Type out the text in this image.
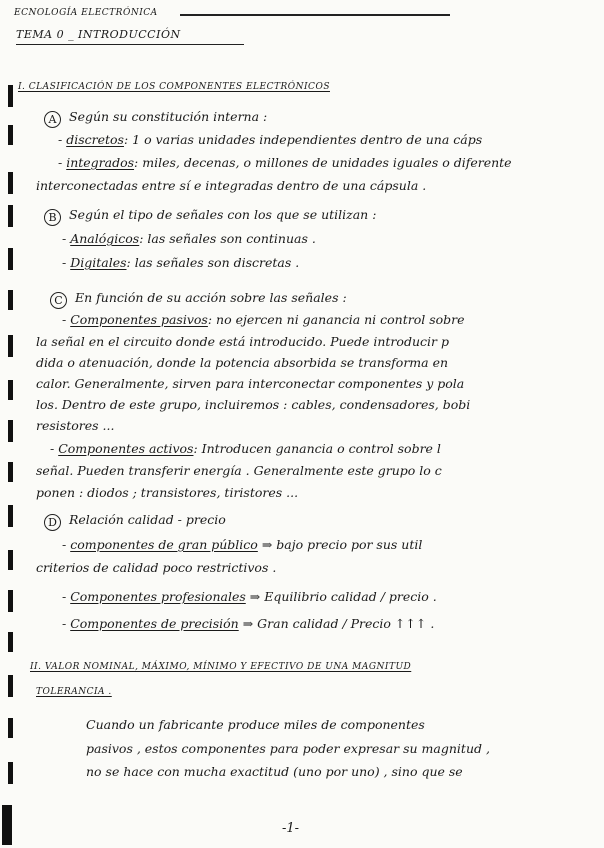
ECNOLOGÍA ELECTRÓNICA
TEMA 0 _ INTRODUCCIÓN
I. CLASIFICACIÓN DE LOS COMPONENTES ELECTRÓNICOS
A Según su constitución interna :
- discretos: 1 o varias unidades independientes dentro de una cáps
- integrados: miles, decenas, o millones de unidades iguales o diferente
interconectadas entre sí e integradas dentro de una cápsula .
B Según el tipo de señales con los que se utilizan :
- Analógicos: las señales son continuas .
- Digitales: las señales son discretas .
C En función de su acción sobre las señales :
- Componentes pasivos: no ejercen ni ganancia ni control sobre
la señal en el circuito donde está introducido. Puede introducir p
dida o atenuación, donde la potencia absorbida se transforma en
calor. Generalmente, sirven para interconectar componentes y pola
los. Dentro de este grupo, incluiremos : cables, condensadores, bobi
resistores ...
- Componentes activos: Introducen ganancia o control sobre l
señal. Pueden transferir energía . Generalmente este grupo lo c
ponen : diodos ; transistores, tiristores ...
D Relación calidad - precio
- componentes de gran público ⇒ bajo precio por sus util
criterios de calidad poco restrictivos .
- Componentes profesionales ⇒ Equilibrio calidad / precio .
- Componentes de precisión ⇒ Gran calidad / Precio ↑↑↑ .
II. VALOR NOMINAL, MÁXIMO, MÍNIMO Y EFECTIVO DE UNA MAGNITUD
TOLERANCIA .
Cuando un fabricante produce miles de componentes
pasivos , estos componentes para poder expresar su magnitud ,
no se hace con mucha exactitud (uno por uno) , sino que se
-1-
